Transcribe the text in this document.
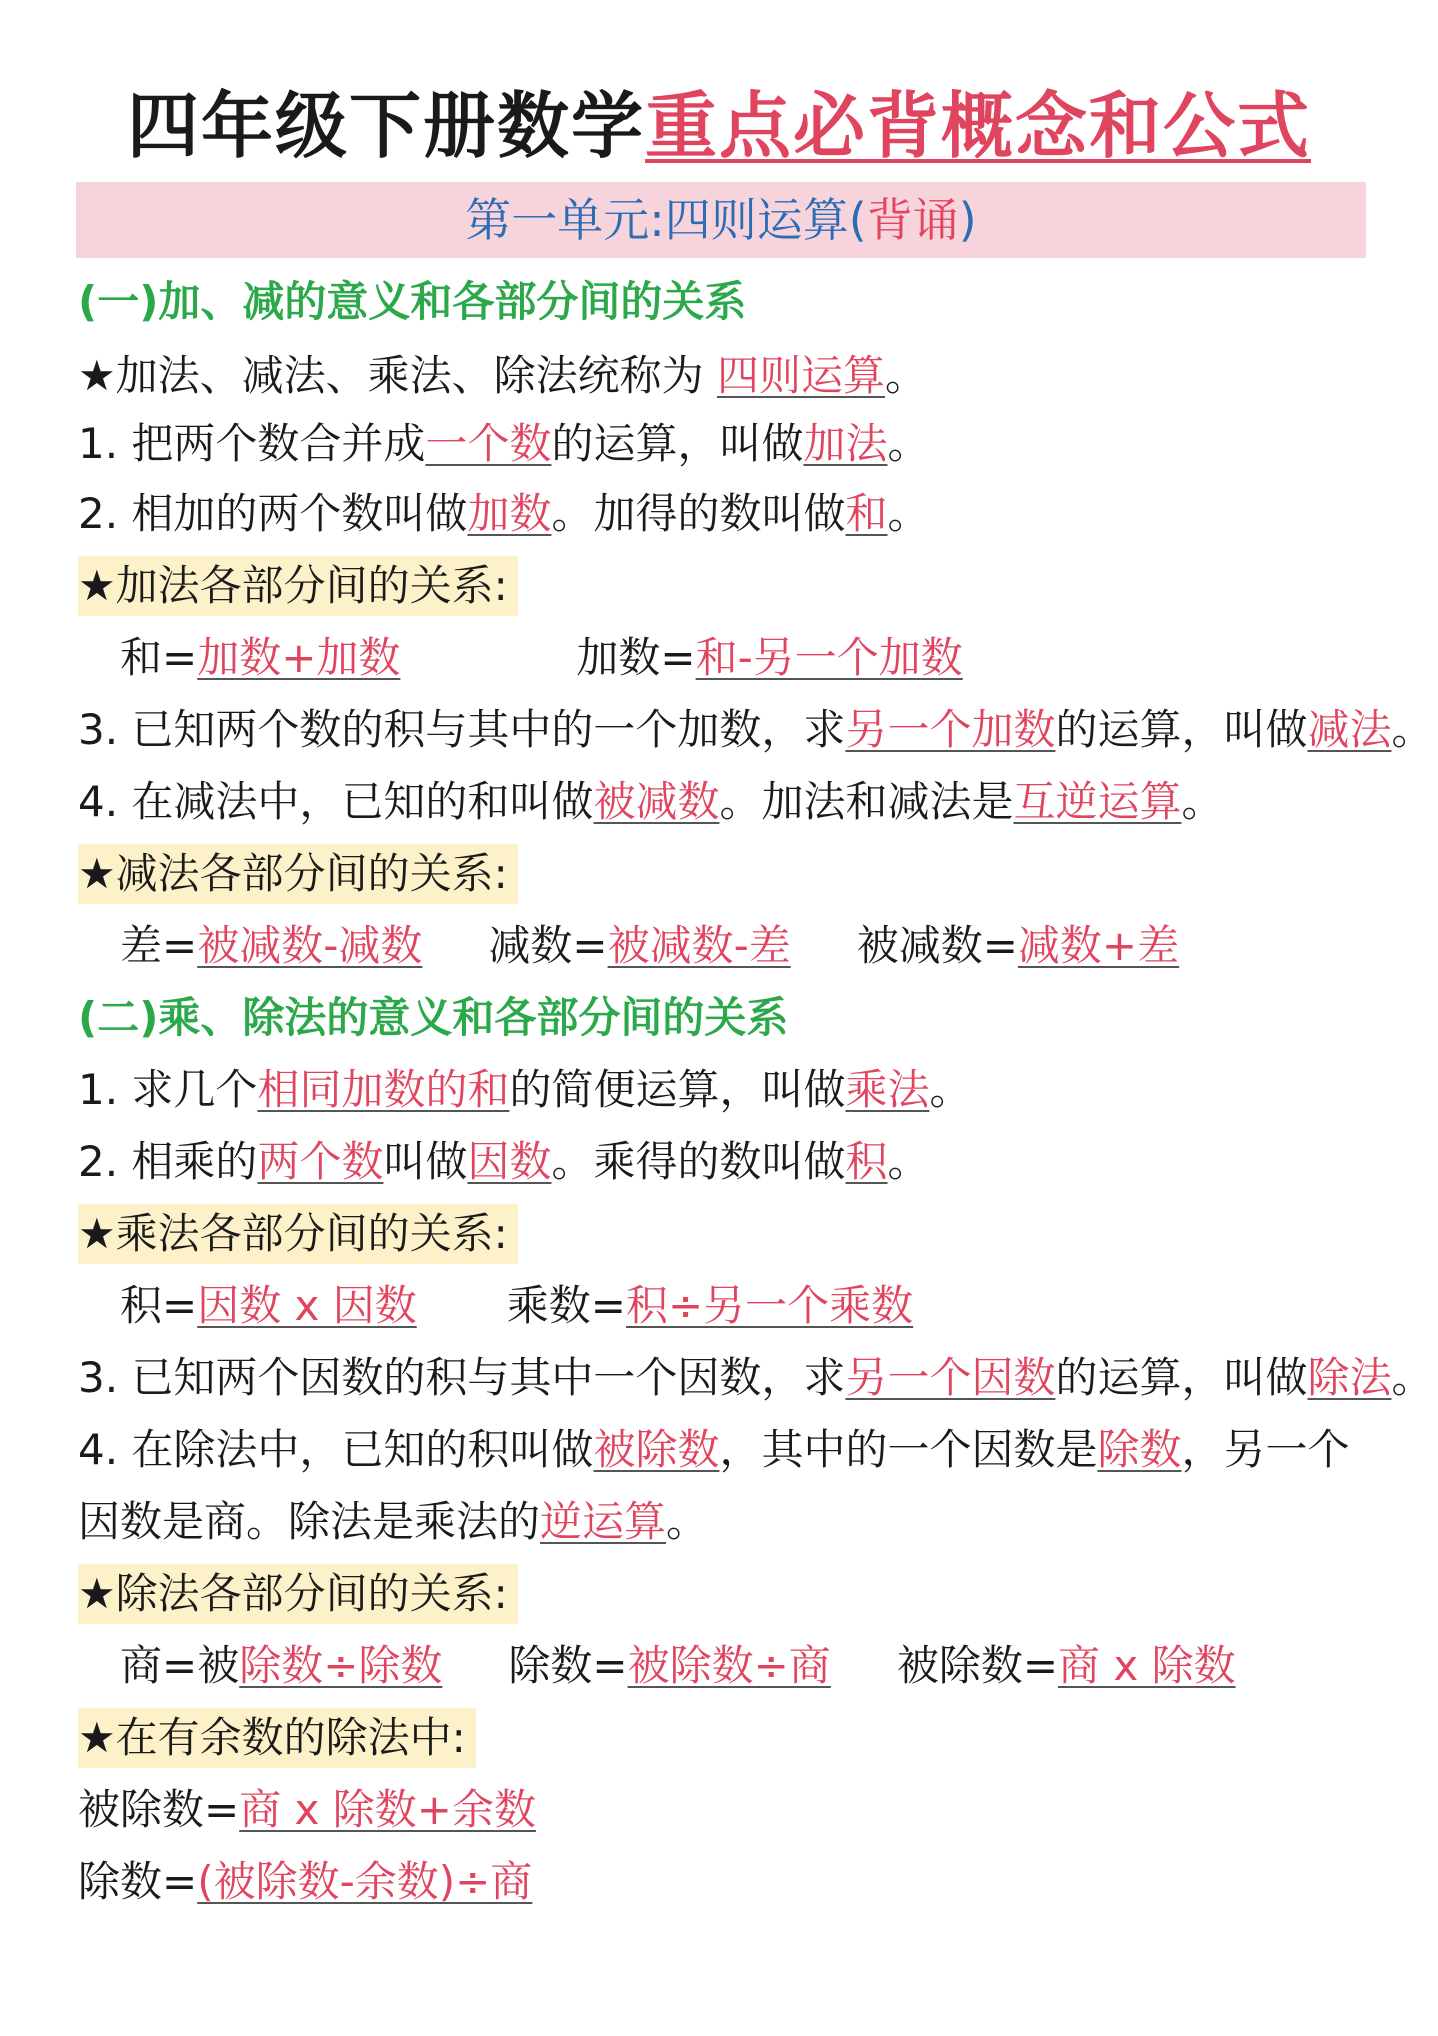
四年级下册数学重点必背概念和公式
第一单元:四则运算(背诵)
(一)加、减的意义和各部分间的关系
★加法、减法、乘法、除法统称为 四则运算。
1. 把两个数合并成一个数的运算，叫做加法。
2. 相加的两个数叫做加数。加得的数叫做和。
★加法各部分间的关系:
和=加数+加数	加数=和-另一个加数
3. 已知两个数的积与其中的一个加数，求另一个加数的运算，叫做减法。
4. 在减法中，已知的和叫做被减数。加法和减法是互逆运算。
★减法各部分间的关系:
差=被减数-减数 减数=被减数-差 被减数=减数+差
(二)乘、除法的意义和各部分间的关系
1. 求几个相同加数的和的简便运算，叫做乘法。
2. 相乘的两个数叫做因数。乘得的数叫做积。
★乘法各部分间的关系:
积=因数 x 因数 乘数=积÷另一个乘数
3. 已知两个因数的积与其中一个因数，求另一个因数的运算，叫做除法。
4. 在除法中，已知的积叫做被除数，其中的一个因数是除数，另一个
因数是商。除法是乘法的逆运算。
★除法各部分间的关系:
商=被除数÷除数 除数=被除数÷商 被除数=商 x 除数
★在有余数的除法中:
被除数=商 x 除数+余数
除数=(被除数-余数)÷商
